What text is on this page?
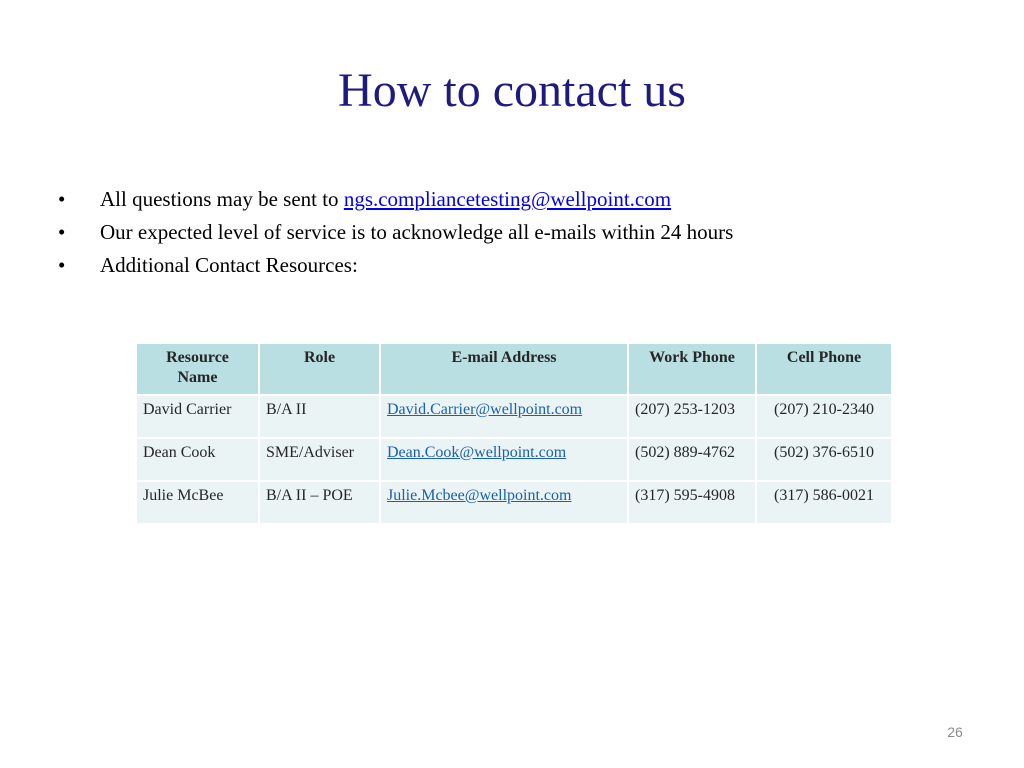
How to contact us
•	All questions may be sent to ngs.compliancetesting@wellpoint.com
•	Our expected level of service is to acknowledge all e-mails within 24 hours
•	Additional Contact Resources:
Resource
Name	Role	E-mail Address	Work Phone	Cell Phone
David Carrier	B/A II	David.Carrier@wellpoint.com	(207) 253-1203	(207) 210-2340
Dean Cook	SME/Adviser	Dean.Cook@wellpoint.com	(502) 889-4762	(502) 376-6510
Julie McBee	B/A II – POE	Julie.Mcbee@wellpoint.com	(317) 595-4908	(317) 586-0021
26
